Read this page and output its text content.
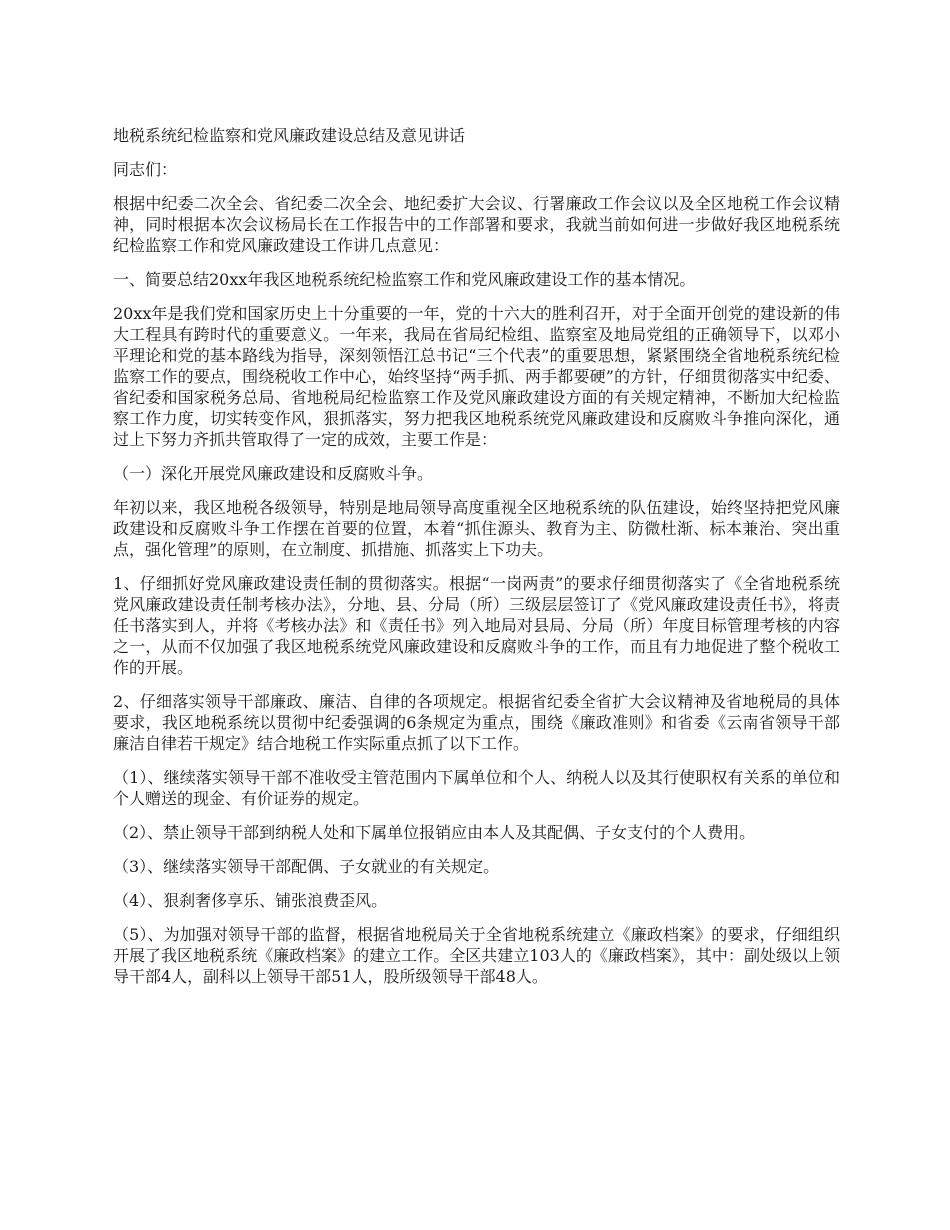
地税系统纪检监察和党风廉政建设总结及意见讲话

同志们：

根据中纪委二次全会、省纪委二次全会、地纪委扩大会议、行署廉政工作会议以及全区地税工作会议精神，同时根据本次会议杨局长在工作报告中的工作部署和要求，我就当前如何进一步做好我区地税系统纪检监察工作和党风廉政建设工作讲几点意见：

一、简要总结20xx年我区地税系统纪检监察工作和党风廉政建设工作的基本情况。

20xx年是我们党和国家历史上十分重要的一年，党的十六大的胜利召开，对于全面开创党的建设新的伟大工程具有跨时代的重要意义。一年来，我局在省局纪检组、监察室及地局党组的正确领导下，以邓小平理论和党的基本路线为指导，深刻领悟江总书记“三个代表”的重要思想，紧紧围绕全省地税系统纪检监察工作的要点，围绕税收工作中心，始终坚持“两手抓、两手都要硬”的方针，仔细贯彻落实中纪委、省纪委和国家税务总局、省地税局纪检监察工作及党风廉政建设方面的有关规定精神，不断加大纪检监察工作力度，切实转变作风，狠抓落实，努力把我区地税系统党风廉政建设和反腐败斗争推向深化，通过上下努力齐抓共管取得了一定的成效，主要工作是：

（一）深化开展党风廉政建设和反腐败斗争。

年初以来，我区地税各级领导，特别是地局领导高度重视全区地税系统的队伍建设，始终坚持把党风廉政建设和反腐败斗争工作摆在首要的位置，本着“抓住源头、教育为主、防微杜渐、标本兼治、突出重点，强化管理”的原则，在立制度、抓措施、抓落实上下功夫。

1、仔细抓好党风廉政建设责任制的贯彻落实。根据“一岗两责”的要求仔细贯彻落实了《全省地税系统党风廉政建设责任制考核办法》，分地、县、分局（所）三级层层签订了《党风廉政建设责任书》，将责任书落实到人，并将《考核办法》和《责任书》列入地局对县局、分局（所）年度目标管理考核的内容之一，从而不仅加强了我区地税系统党风廉政建设和反腐败斗争的工作，而且有力地促进了整个税收工作的开展。

2、仔细落实领导干部廉政、廉洁、自律的各项规定。根据省纪委全省扩大会议精神及省地税局的具体要求，我区地税系统以贯彻中纪委强调的6条规定为重点，围绕《廉政准则》和省委《云南省领导干部廉洁自律若干规定》结合地税工作实际重点抓了以下工作。

（1）、继续落实领导干部不准收受主管范围内下属单位和个人、纳税人以及其行使职权有关系的单位和个人赠送的现金、有价证券的规定。

（2）、禁止领导干部到纳税人处和下属单位报销应由本人及其配偶、子女支付的个人费用。

（3）、继续落实领导干部配偶、子女就业的有关规定。

（4）、狠刹奢侈享乐、铺张浪费歪风。

（5）、为加强对领导干部的监督，根据省地税局关于全省地税系统建立《廉政档案》的要求，仔细组织开展了我区地税系统《廉政档案》的建立工作。全区共建立103人的《廉政档案》，其中：副处级以上领导干部4人，副科以上领导干部51人，股所级领导干部48人。
